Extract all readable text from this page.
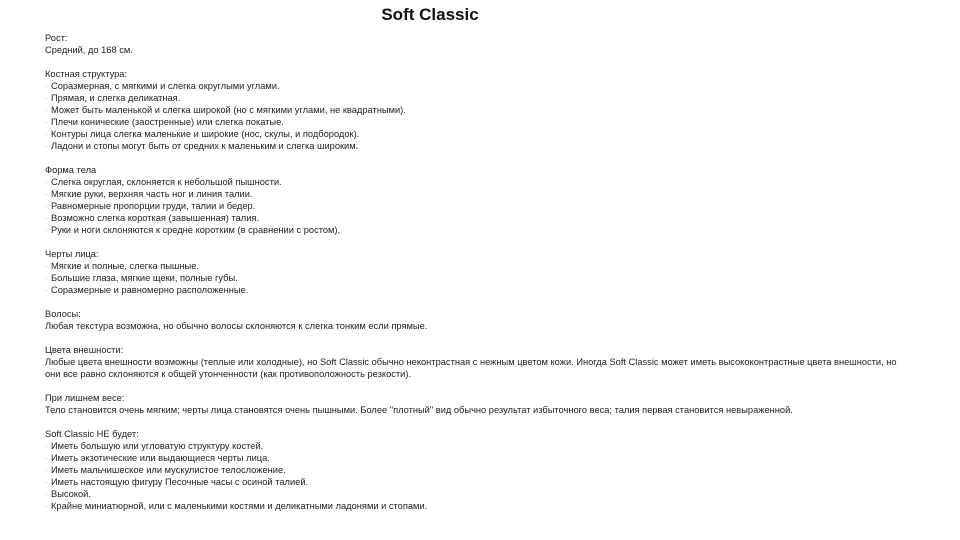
Soft Classic
Рост:
Средний, до 168 см.
Костная структура:
· Соразмерная, с мягкими и слегка округлыми углами.
· Прямая, и слегка деликатная.
· Может быть маленькой и слегка широкой (но с мягкими углами, не квадратными).
· Плечи конические (заостренные) или слегка покатые.
· Контуры лица слегка маленькие и широкие (нос, скулы, и подбородок).
· Ладони и стопы могут быть от средних к маленьким и слегка широким.
Форма тела
· Слегка округлая, склоняется к небольшой пышности.
· Мягкие руки, верхняя часть ног и линия талии.
· Равномерные пропорции груди, талии и бедер.
· Возможно слегка короткая (завышенная) талия.
· Руки и ноги склоняются к средне коротким (в сравнении с ростом).
Черты лица:
· Мягкие и полные, слегка пышные.
· Большие глаза, мягкие щеки, полные губы.
· Соразмерные и равномерно расположенные.
Волосы:
Любая текстура возможна, но обычно волосы склоняются к слегка тонким если прямые.
Цвета внешности:
Любые цвета внешности возможны (теплые или холодные), но Soft Classic обычно неконтрастная с нежным цветом кожи. Иногда Soft Classic может иметь высококонтрастные цвета внешности, но
они все равно склоняются к общей утонченности (как противоположность резкости).
При лишнем весе:
Тело становится очень мягким; черты лица становятся очень пышными. Более "плотный" вид обычно результат избыточного веса; талия первая становится невыраженной.
Soft Classic НЕ будет:
· Иметь большую или угловатую структуру костей.
· Иметь экзотические или выдающиеся черты лица.
· Иметь мальчишеское или мускулистое телосложение.
· Иметь настоящую фигуру Песочные часы с осиной талией.
· Высокой.
· Крайне миниатюрной, или с маленькими костями и деликатными ладонями и стопами.
